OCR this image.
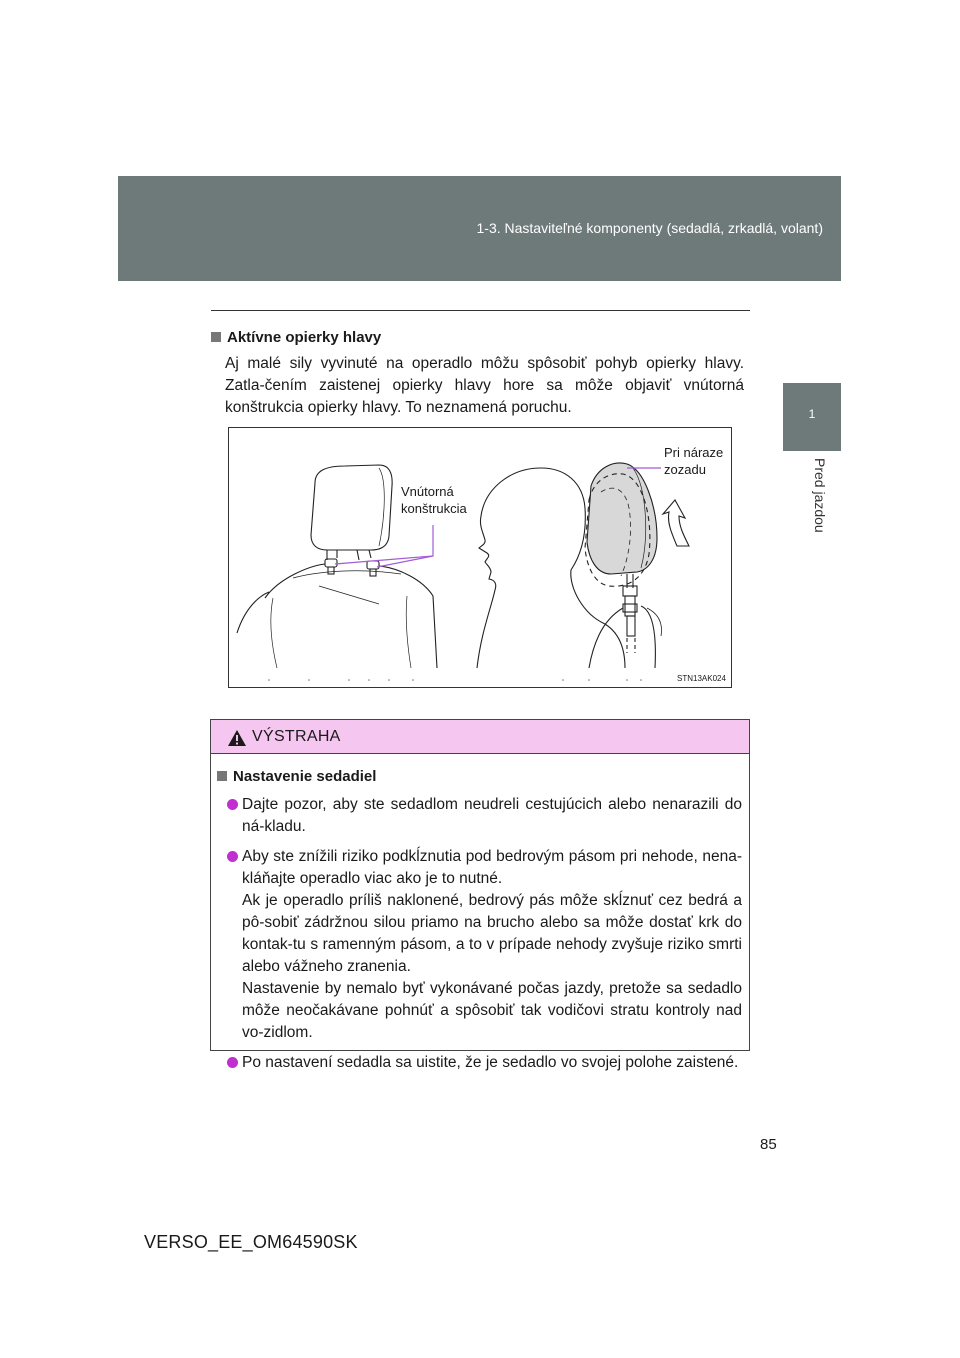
1-3. Nastaviteľné komponenty (sedadlá, zrkadlá, volant)
1
Pred jazdou
Aktívne opierky hlavy
Aj malé sily vyvinuté na operadlo môžu spôsobiť pohyb opierky hlavy. Zatla-čením zaistenej opierky hlavy hore sa môže objaviť vnútorná konštrukcia opierky hlavy. To neznamená poruchu.
Vnútorná
konštrukcia
Pri náraze
zozadu
STN13AK024
VÝSTRAHA
Nastavenie sedadiel

Dajte pozor, aby ste sedadlom neudreli cestujúcich alebo nenarazili do ná-kladu.

Aby ste znížili riziko podkĺznutia pod bedrovým pásom pri nehode, nena-kláňajte operadlo viac ako je to nutné.

Ak je operadlo príliš naklonené, bedrový pás môže skĺznuť cez bedrá a pô-sobiť zádržnou silou priamo na brucho alebo sa môže dostať krk do kontak-tu s ramenným pásom, a to v prípade nehody zvyšuje riziko smrti alebo vážneho zranenia.

Nastavenie by nemalo byť vykonávané počas jazdy, pretože sa sedadlo môže neočakávane pohnúť a spôsobiť tak vodičovi stratu kontroly nad vo-zidlom.

Po nastavení sedadla sa uistite, že je sedadlo vo svojej polohe zaistené.

85
VERSO_EE_OM64590SK
